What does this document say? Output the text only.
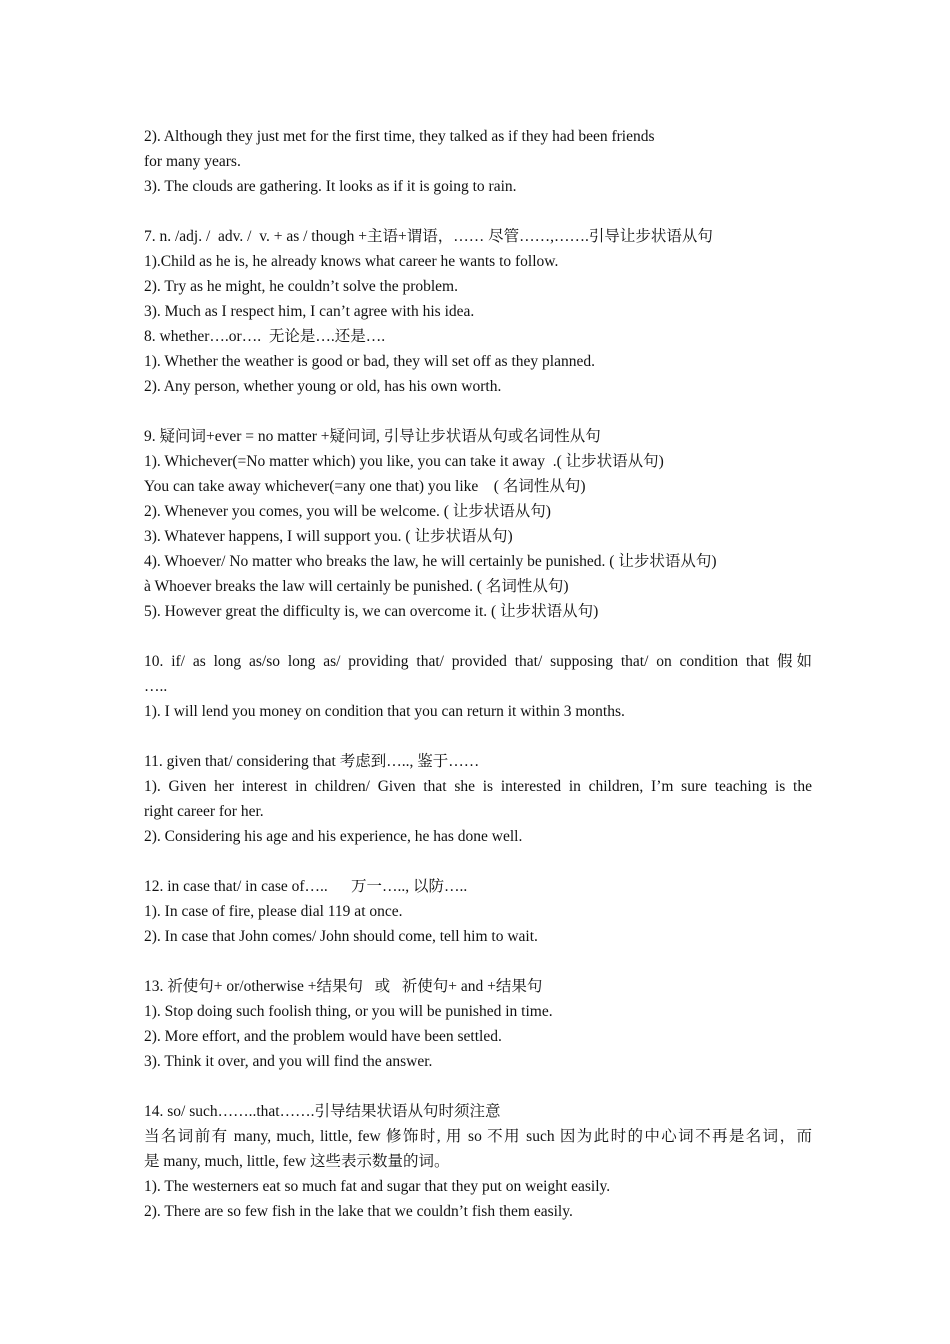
2). Although they just met for the first time, they talked as if they had been friends
for many years.
3). The clouds are gathering. It looks as if it is going to rain.
7. n. /adj. /  adv. /  v. + as / though +主语+谓语，…… 尽管……,…….引导让步状语从句
1).Child as he is, he already knows what career he wants to follow.
2). Try as he might, he couldn’t solve the problem.
3). Much as I respect him, I can’t agree with his idea.
8. whether….or….  无论是….还是….
1). Whether the weather is good or bad, they will set off as they planned.
2). Any person, whether young or old, has his own worth.
9. 疑问词+ever = no matter +疑问词, 引导让步状语从句或名词性从句
1). Whichever(=No matter which) you like, you can take it away  .( 让步状语从句)
You can take away whichever(=any one that) you like    ( 名词性从句)
2). Whenever you comes, you will be welcome. ( 让步状语从句)
3). Whatever happens, I will support you. ( 让步状语从句)
4). Whoever/ No matter who breaks the law, he will certainly be punished. ( 让步状语从句)
à Whoever breaks the law will certainly be punished. ( 名词性从句)
5). However great the difficulty is, we can overcome it. ( 让步状语从句)
10. if/ as long as/so long as/ providing that/ provided that/ supposing that/ on condition that 假如
…..
1). I will lend you money on condition that you can return it within 3 months.
11. given that/ considering that 考虑到….., 鉴于……
1). Given her interest in children/ Given that she is interested in children, I’m sure teaching is the
right career for her.
2). Considering his age and his experience, he has done well.
12. in case that/ in case of…..      万一….., 以防…..
1). In case of fire, please dial 119 at once.
2). In case that John comes/ John should come, tell him to wait.
13. 祈使句+ or/otherwise +结果句   或   祈使句+ and +结果句
1). Stop doing such foolish thing, or you will be punished in time.
2). More effort, and the problem would have been settled.
3). Think it over, and you will find the answer.
14. so/ such……..that…….引导结果状语从句时须注意
当名词前有 many, much, little, few 修饰时, 用 so 不用 such 因为此时的中心词不再是名词，而
是 many, much, little, few 这些表示数量的词。
1). The westerners eat so much fat and sugar that they put on weight easily.
2). There are so few fish in the lake that we couldn’t fish them easily.
